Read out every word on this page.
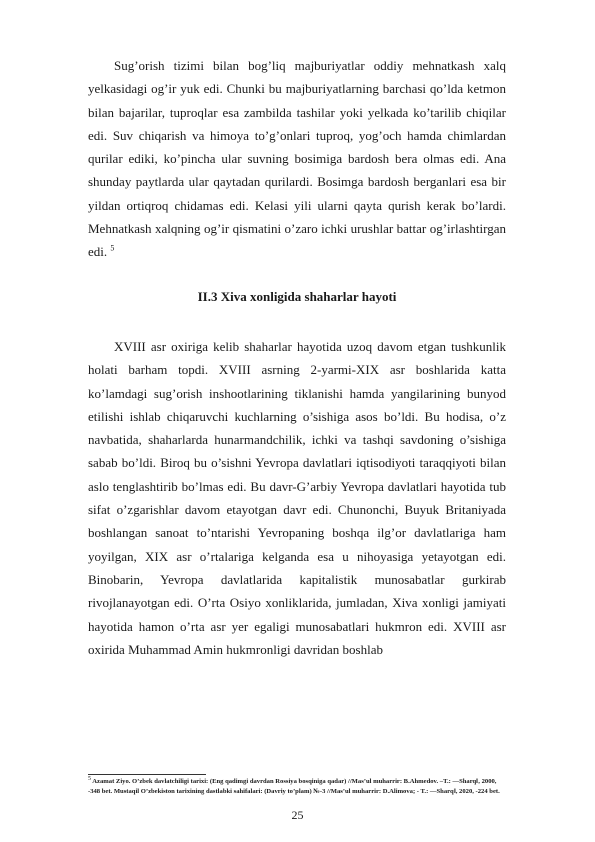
Sug’orish tizimi bilan bog’liq majburiyatlar oddiy mehnatkash xalq yelkasidagi og’ir yuk edi. Chunki bu majburiyatlarning barchasi qo’lda ketmon bilan bajarilar, tuproqlar esa zambilda tashilar yoki yelkada ko’tarilib chiqilar edi. Suv chiqarish va himoya to’g’onlari tuproq, yog’och hamda chimlardan qurilar ediki, ko’pincha ular suvning bosimiga bardosh bera olmas edi. Ana shunday paytlarda ular qaytadan qurilardi. Bosimga bardosh berganlari esa bir yildan ortiqroq chidamas edi. Kelasi yili ularni qayta qurish kerak bo’lardi. Mehnatkash xalqning og’ir qismatini o’zaro ichki urushlar battar og’irlashtirgan edi. $^5$

II.3 Xiva xonligida shaharlar hayoti

XVIII asr oxiriga kelib shaharlar hayotida uzoq davom etgan tushkunlik holati barham topdi. XVIII asrning 2-yarmi-XIX asr boshlarida katta ko’lamdagi sug’orish inshootlarining tiklanishi hamda yangilarining bunyod etilishi ishlab chiqaruvchi kuchlarning o’sishiga asos bo’ldi. Bu hodisa, o’z navbatida, shaharlarda hunarmandchilik, ichki va tashqi savdoning o’sishiga sabab bo’ldi. Biroq bu o’sishni Yevropa davlatlari iqtisodiyoti taraqqiyoti bilan aslo tenglashtirib bo’lmas edi. Bu davr-G’arbiy Yevropa davlatlari hayotida tub sifat o’zgarishlar davom etayotgan davr edi. Chunonchi, Buyuk Britaniyada boshlangan sanoat to’ntarishi Yevropaning boshqa ilg’or davlatlariga ham yoyilgan, XIX asr o’rtalariga kelganda esa u nihoyasiga yetayotgan edi. Binobarin, Yevropa davlatlarida kapitalistik munosabatlar gurkirab rivojlanayotgan edi. O’rta Osiyo xonliklarida, jumladan, Xiva xonligi jamiyati hayotida hamon o’rta asr yer egaligi munosabatlari hukmron edi. XVIII asr oxirida Muhammad Amin hukmronligi davridan boshlab

5 Azamat Ziyo. O’zbek davlatchiligi tarixi: (Eng qadimgi davrdan Rossiya bosqiniga qadar) //Mas’ul muharrir: B.Ahmedov. –T.: ―Sharq‖, 2000, -348 bet. Mustaqil O’zbekiston tarixining dastlabki sahifalari: (Davriy to’plam) №-3 //Mas’ul muharrir: D.Alimova; - T.: ―Sharq‖, 2020, -224 bet.

25
